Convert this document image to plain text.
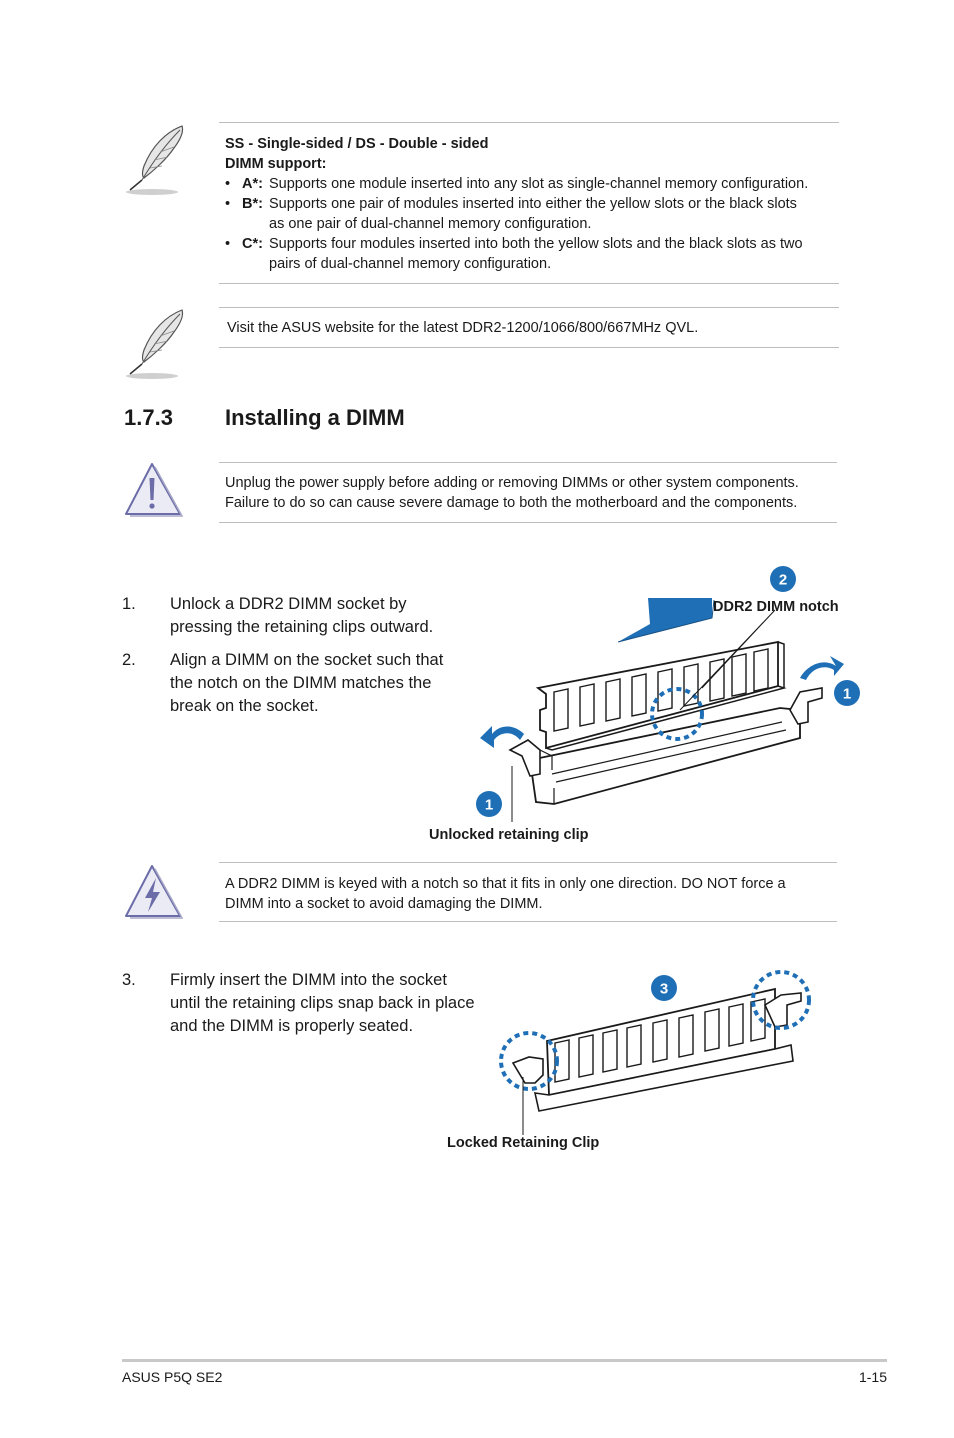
SS - Single-sided / DS - Double - sided
DIMM support:
• A*: Supports one module inserted into any slot as single-channel memory configuration.
• B*: Supports one pair of modules inserted into either the yellow slots or the black slots
as one pair of dual-channel memory configuration.
• C*: Supports four modules inserted into both the yellow slots and the black slots as two
pairs of dual-channel memory configuration.
Visit the ASUS website for the latest DDR2-1200/1066/800/667MHz QVL.
1.7.3 Installing a DIMM
Unplug the power supply before adding or removing DIMMs or other system components.
Failure to do so can cause severe damage to both the motherboard and the components.
1. Unlock a DDR2 DIMM socket by
pressing the retaining clips outward.
2. Align a DIMM on the socket such that
the notch on the DIMM matches the
break on the socket.
2
1
1
DDR2 DIMM notch
Unlocked retaining clip
A DDR2 DIMM is keyed with a notch so that it fits in only one direction. DO NOT force a
DIMM into a socket to avoid damaging the DIMM.
3. Firmly insert the DIMM into the socket
until the retaining clips snap back in place
and the DIMM is properly seated.
3
Locked Retaining Clip
ASUS P5Q SE2	1-15
